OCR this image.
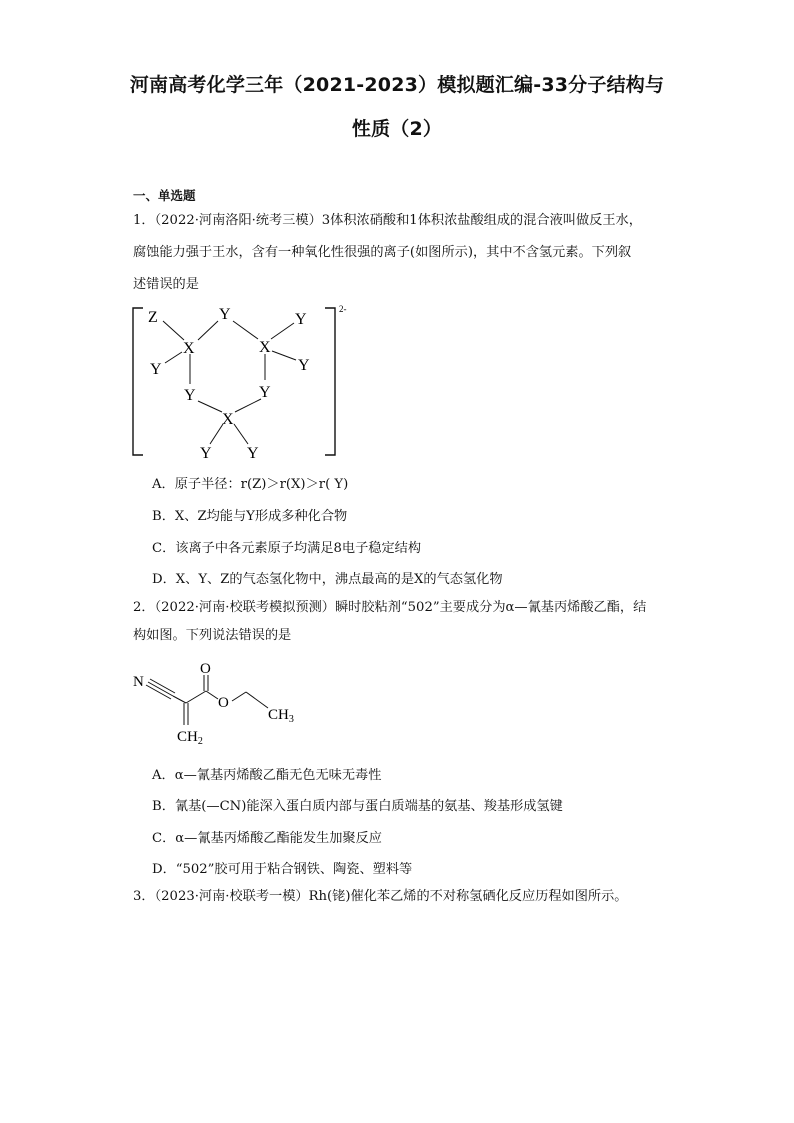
河南高考化学三年（2021-2023）模拟题汇编-33分子结构与
性质（2）
一、单选题
1．（2022·河南洛阳·统考三模）3体积浓硝酸和1体积浓盐酸组成的混合液叫做反王水，
腐蚀能力强于王水，含有一种氧化性很强的离子(如图所示)，其中不含氢元素。下列叙
述错误的是
2-
Z	Y	Y
X	X
Y	Y
Y	Y
X
Y Y
A．原子半径：r(Z)＞r(X)＞r( Y)
B．X、Z均能与Y形成多种化合物
C．该离子中各元素原子均满足8电子稳定结构
D．X、Y、Z的气态氢化物中，沸点最高的是X的气态氢化物
2．（2022·河南·校联考模拟预测）瞬时胶粘剂“502”主要成分为α—氰基丙烯酸乙酯，结
构如图。下列说法错误的是
N
O
O
$CH_3$
$CH_2$
A．α—氰基丙烯酸乙酯无色无味无毒性
B．氰基(—CN)能深入蛋白质内部与蛋白质端基的氨基、羧基形成氢键
C．α—氰基丙烯酸乙酯能发生加聚反应
D．“502”胶可用于粘合钢铁、陶瓷、塑料等
3．（2023·河南·校联考一模）Rh(铑)催化苯乙烯的不对称氢硒化反应历程如图所示。
